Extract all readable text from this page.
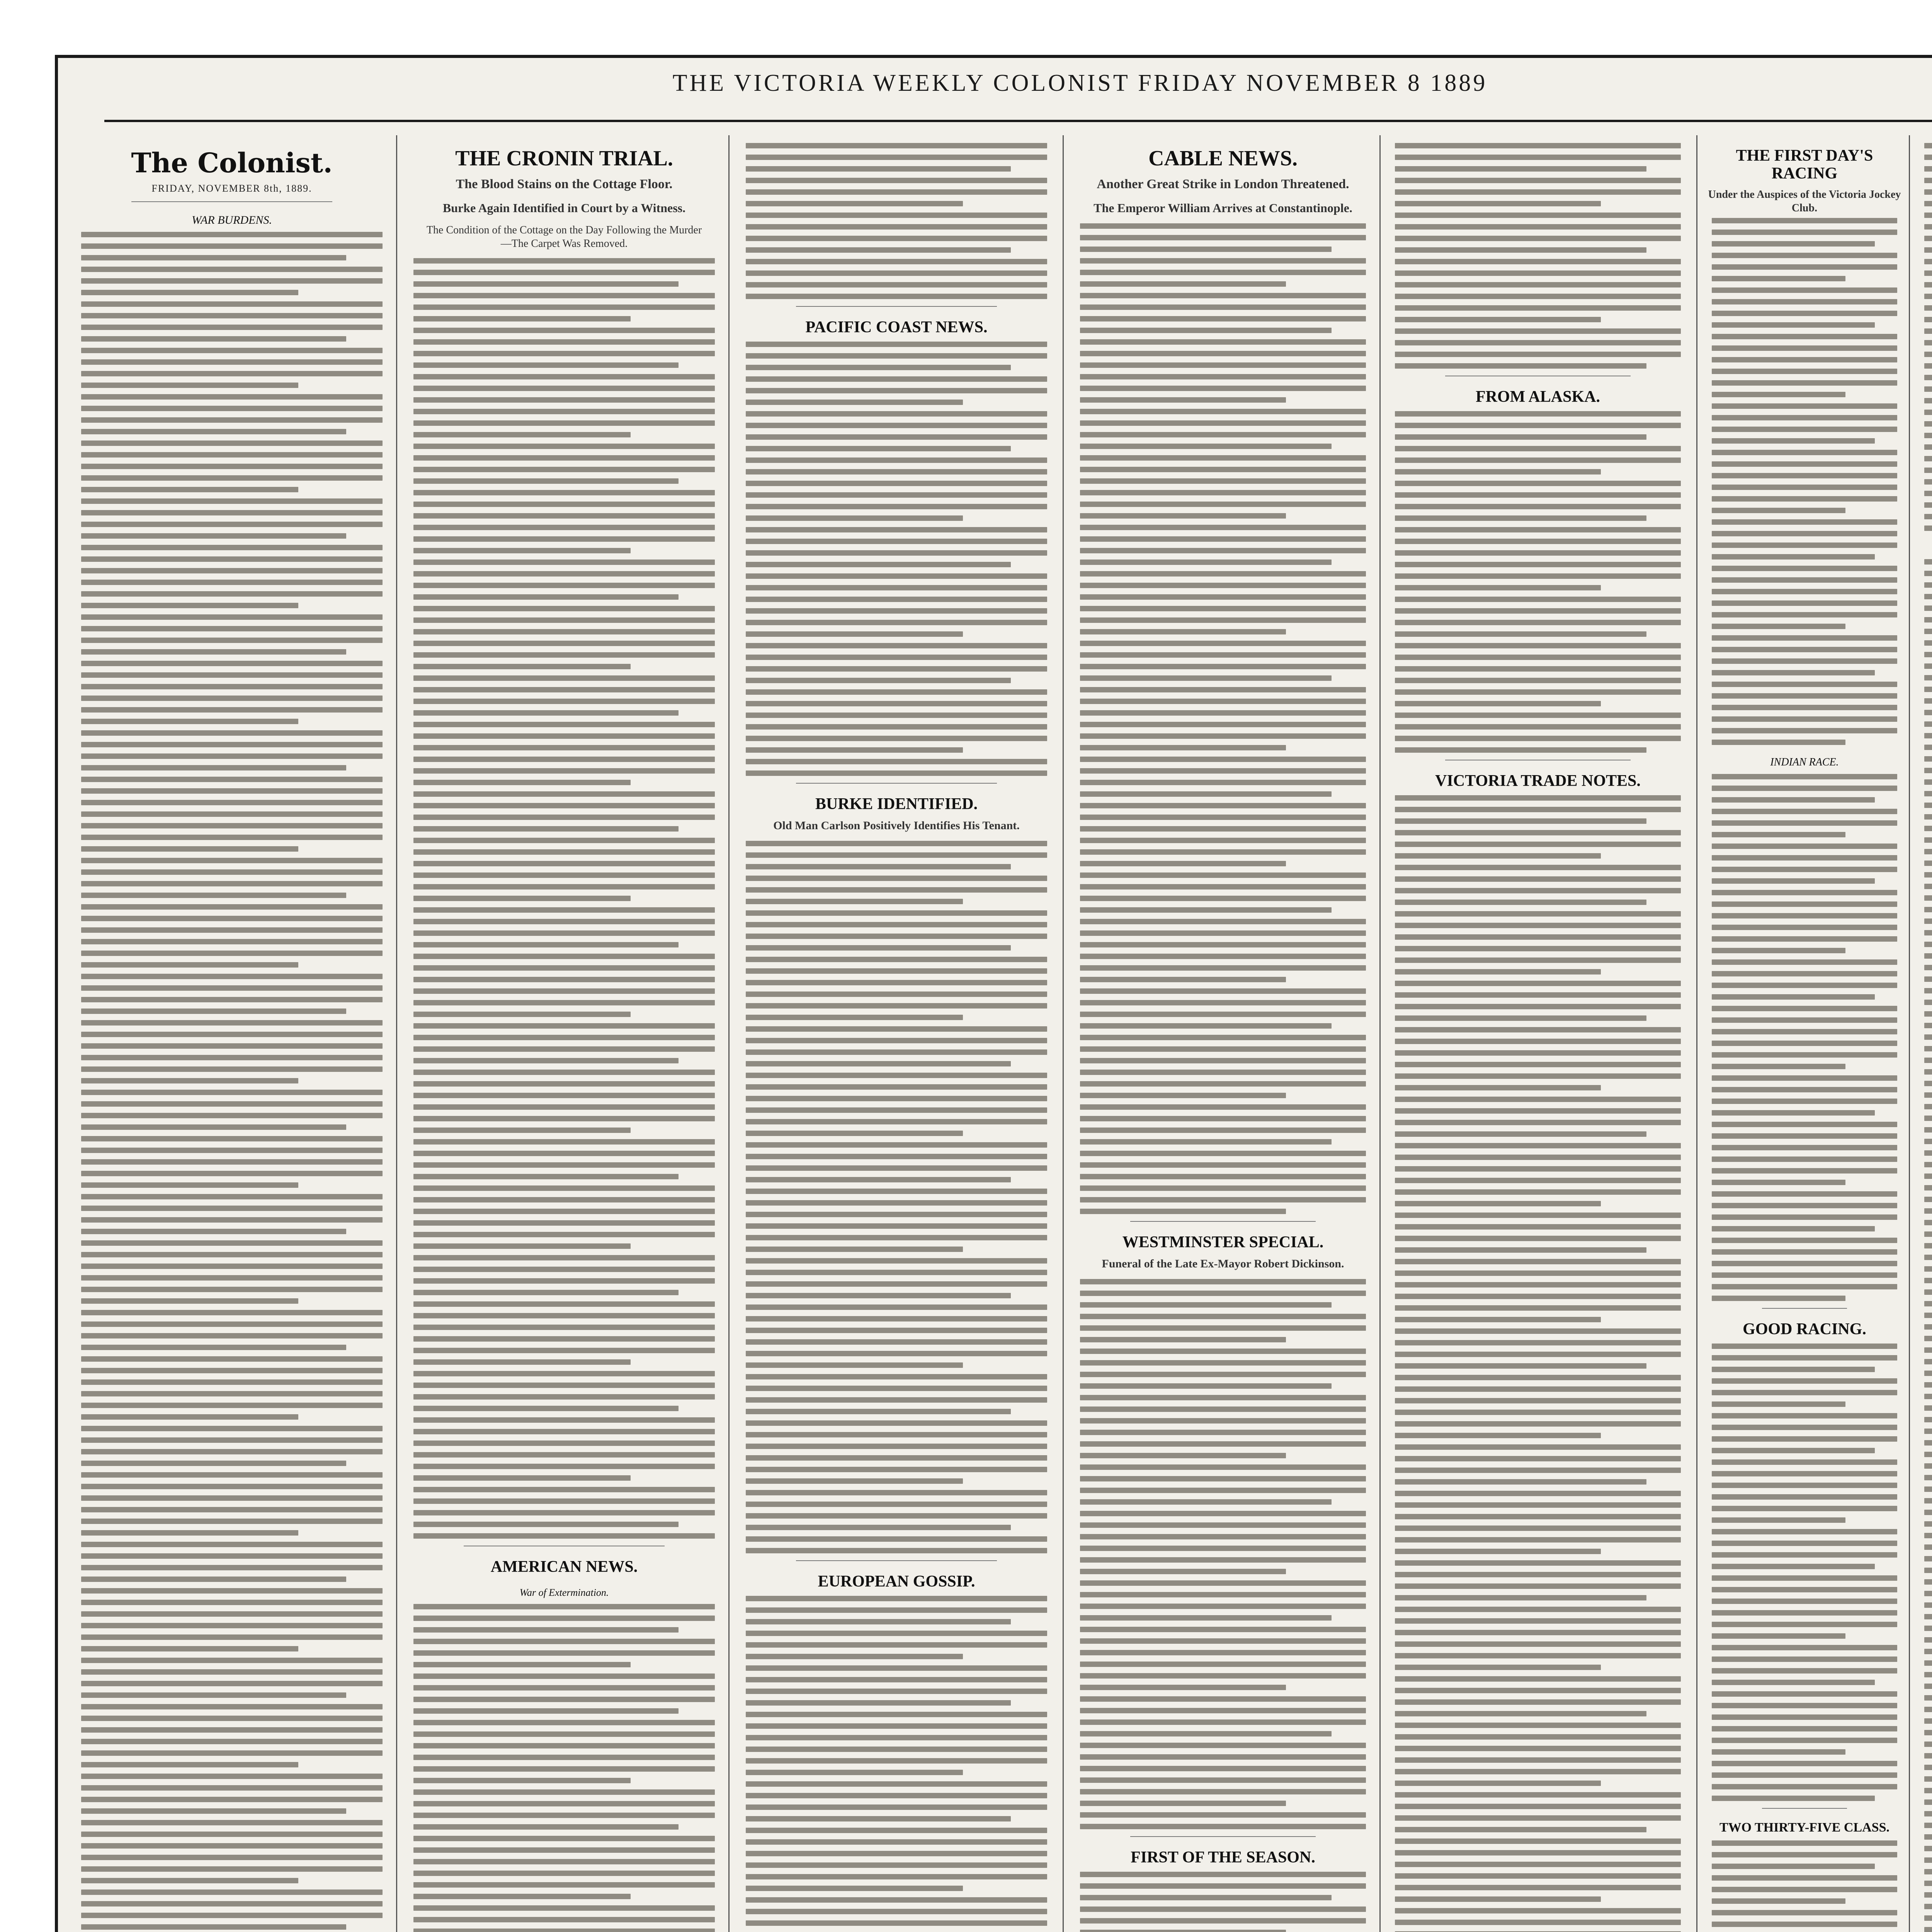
THE VICTORIA WEEKLY COLONIST FRIDAY NOVEMBER 8 1889
The Colonist.
FRIDAY, NOVEMBER 8th, 1889.
WAR BURDENS.
THE CRONIN TRIAL.
The Blood Stains on the Cottage Floor.
Burke Again Identified in Court by a Witness.
The Condition of the Cottage on the Day Following the Murder—The Carpet Was Removed.
AMERICAN NEWS.
War of Extermination.
PACIFIC COAST NEWS.
BURKE IDENTIFIED.
Old Man Carlson Positively Identifies His Tenant.
EUROPEAN GOSSIP.
CABLE NEWS.
Another Great Strike in London Threatened.
The Emperor William Arrives at Constantinople.
WESTMINSTER SPECIAL.
Funeral of the Late Ex-Mayor Robert Dickinson.
FIRST OF THE SEASON.
FROM ALASKA.
VICTORIA TRADE NOTES.
THE FIRST DAY'S RACING
Under the Auspices of the Victoria Jockey Club.
INDIAN RACE.
GOOD RACING.
TWO THIRTY-FIVE CLASS.
